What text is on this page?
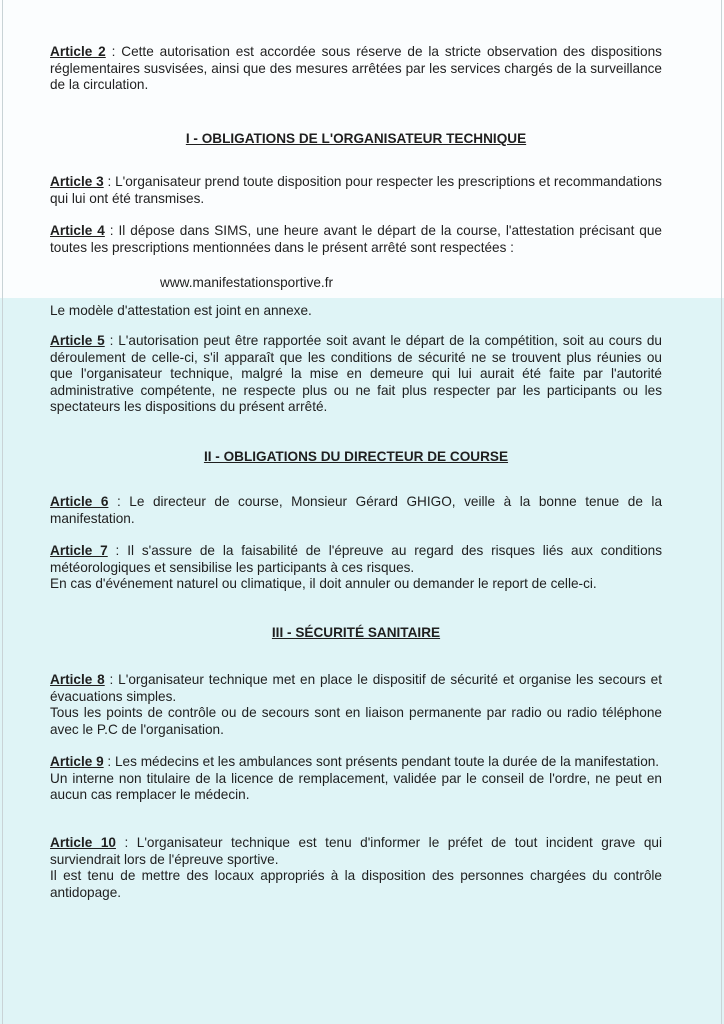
Article 2 : Cette autorisation est accordée sous réserve de la stricte observation des dispositions réglementaires susvisées, ainsi que des mesures arrêtées par les services chargés de la surveillance de la circulation.

I - OBLIGATIONS DE L'ORGANISATEUR TECHNIQUE

Article 3 : L'organisateur prend toute disposition pour respecter les prescriptions et recommandations qui lui ont été transmises.

Article 4 : Il dépose dans SIMS, une heure avant le départ de la course, l'attestation précisant que toutes les prescriptions mentionnées dans le présent arrêté sont respectées :

www.manifestationsportive.fr

Le modèle d'attestation est joint en annexe.

Article 5 : L'autorisation peut être rapportée soit avant le départ de la compétition, soit au cours du déroulement de celle-ci, s'il apparaît que les conditions de sécurité ne se trouvent plus réunies ou que l'organisateur technique, malgré la mise en demeure qui lui aurait été faite par l'autorité administrative compétente, ne respecte plus ou ne fait plus respecter par les participants ou les spectateurs les dispositions du présent arrêté.

II - OBLIGATIONS DU DIRECTEUR DE COURSE

Article 6 : Le directeur de course, Monsieur Gérard GHIGO, veille à la bonne tenue de la manifestation.

Article 7 : Il s'assure de la faisabilité de l'épreuve au regard des risques liés aux conditions météorologiques et sensibilise les participants à ces risques.

En cas d'événement naturel ou climatique, il doit annuler ou demander le report de celle-ci.

III - SÉCURITÉ SANITAIRE

Article 8 : L'organisateur technique met en place le dispositif de sécurité et organise les secours et évacuations simples.

Tous les points de contrôle ou de secours sont en liaison permanente par radio ou radio téléphone avec le P.C de l'organisation.

Article 9 : Les médecins et les ambulances sont présents pendant toute la durée de la manifestation.

Un interne non titulaire de la licence de remplacement, validée par le conseil de l'ordre, ne peut en aucun cas remplacer le médecin.

Article 10 : L'organisateur technique est tenu d'informer le préfet de tout incident grave qui surviendrait lors de l'épreuve sportive.

Il est tenu de mettre des locaux appropriés à la disposition des personnes chargées du contrôle antidopage.
